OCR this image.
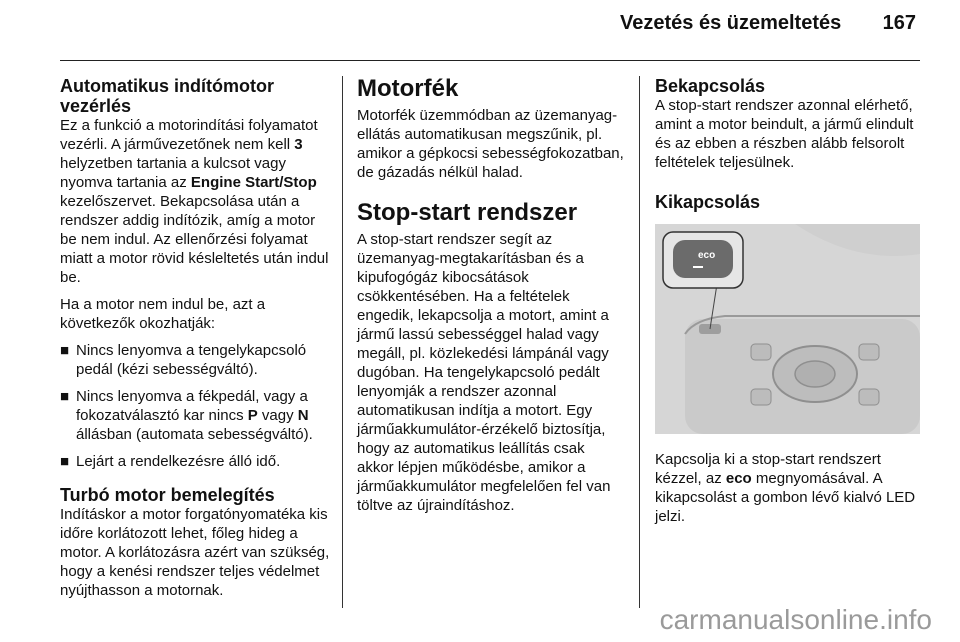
Vezetés és üzemeltetés 167
Automatikus indítómotor vezérlés

Ez a funkció a motorindítási folyamatot vezérli. A járművezetőnek nem kell 3 helyzetben tartania a kulcsot vagy nyomva tartania az Engine Start/Stop kezelőszervet. Bekapcsolása után a rendszer addig indítózik, amíg a motor be nem indul. Az ellenőrzési folyamat miatt a motor rövid késleltetés után indul be.

Ha a motor nem indul be, azt a következők okozhatják:

■ Nincs lenyomva a tengelykapcsoló pedál (kézi sebességváltó).
■ Nincs lenyomva a fékpedál, vagy a fokozatválasztó kar nincs P vagy N állásban (automata sebességváltó).
■ Lejárt a rendelkezésre álló idő.
Turbó motor bemelegítés

Indításkor a motor forgatónyomatéka kis időre korlátozott lehet, főleg hideg a motor. A korlátozásra azért van szükség, hogy a kenési rendszer teljes védelmet nyújthasson a motornak.

Motorfék

Motorfék üzemmódban az üzemanyag-ellátás automatikusan megszűnik, pl. amikor a gépkocsi sebességfokozatban, de gázadás nélkül halad.

Stop-start rendszer

A stop-start rendszer segít az üzemanyag-megtakarításban és a kipufogógáz kibocsátások csökkentésében. Ha a feltételek engedik, lekapcsolja a motort, amint a jármű lassú sebességgel halad vagy megáll, pl. közlekedési lámpánál vagy dugóban. Ha tengelykapcsoló pedált lenyomják a rendszer azonnal automatikusan indítja a motort. Egy járműakkumulátor-érzékelő biztosítja, hogy az automatikus leállítás csak akkor lépjen működésbe, amikor a járműakkumulátor megfelelően fel van töltve az újraindításhoz.

Bekapcsolás

A stop-start rendszer azonnal elérhető, amint a motor beindult, a jármű elindult és az ebben a részben alább felsorolt feltételek teljesülnek.

Kikapcsolás
eco

Kapcsolja ki a stop-start rendszert kézzel, az eco megnyomásával. A kikapcsolást a gombon lévő kialvó LED jelzi.

carmanualsonline.info
